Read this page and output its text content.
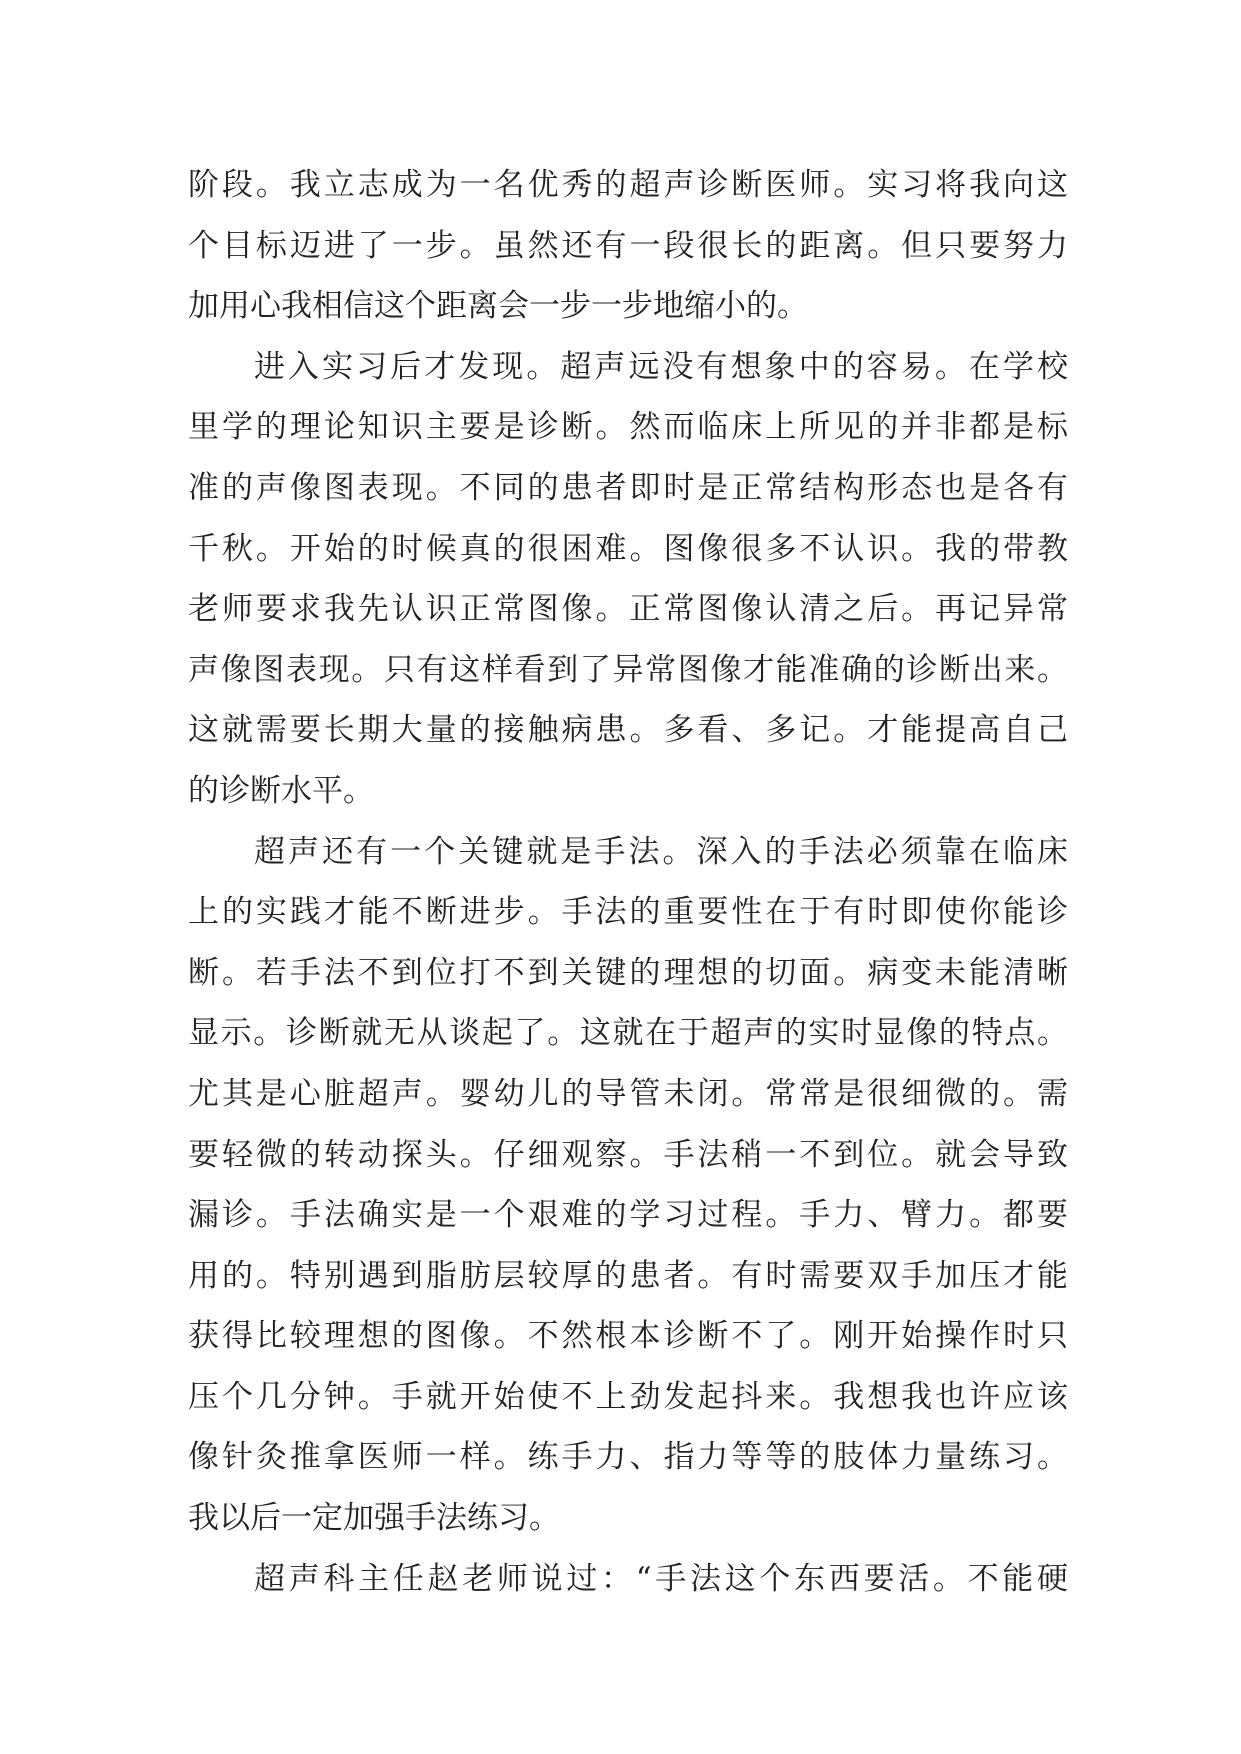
阶段。我立志成为一名优秀的超声诊断医师。实习将我向这
个目标迈进了一步。虽然还有一段很长的距离。但只要努力
加用心我相信这个距离会一步一步地缩小的。
进入实习后才发现。超声远没有想象中的容易。在学校
里学的理论知识主要是诊断。然而临床上所见的并非都是标
准的声像图表现。不同的患者即时是正常结构形态也是各有
千秋。开始的时候真的很困难。图像很多不认识。我的带教
老师要求我先认识正常图像。正常图像认清之后。再记异常
声像图表现。只有这样看到了异常图像才能准确的诊断出来。
这就需要长期大量的接触病患。多看、多记。才能提高自己
的诊断水平。
超声还有一个关键就是手法。深入的手法必须靠在临床
上的实践才能不断进步。手法的重要性在于有时即使你能诊
断。若手法不到位打不到关键的理想的切面。病变未能清晰
显示。诊断就无从谈起了。这就在于超声的实时显像的特点。
尤其是心脏超声。婴幼儿的导管未闭。常常是很细微的。需
要轻微的转动探头。仔细观察。手法稍一不到位。就会导致
漏诊。手法确实是一个艰难的学习过程。手力、臂力。都要
用的。特别遇到脂肪层较厚的患者。有时需要双手加压才能
获得比较理想的图像。不然根本诊断不了。刚开始操作时只
压个几分钟。手就开始使不上劲发起抖来。我想我也许应该
像针灸推拿医师一样。练手力、指力等等的肢体力量练习。
我以后一定加强手法练习。
超声科主任赵老师说过：“手法这个东西要活。不能硬
